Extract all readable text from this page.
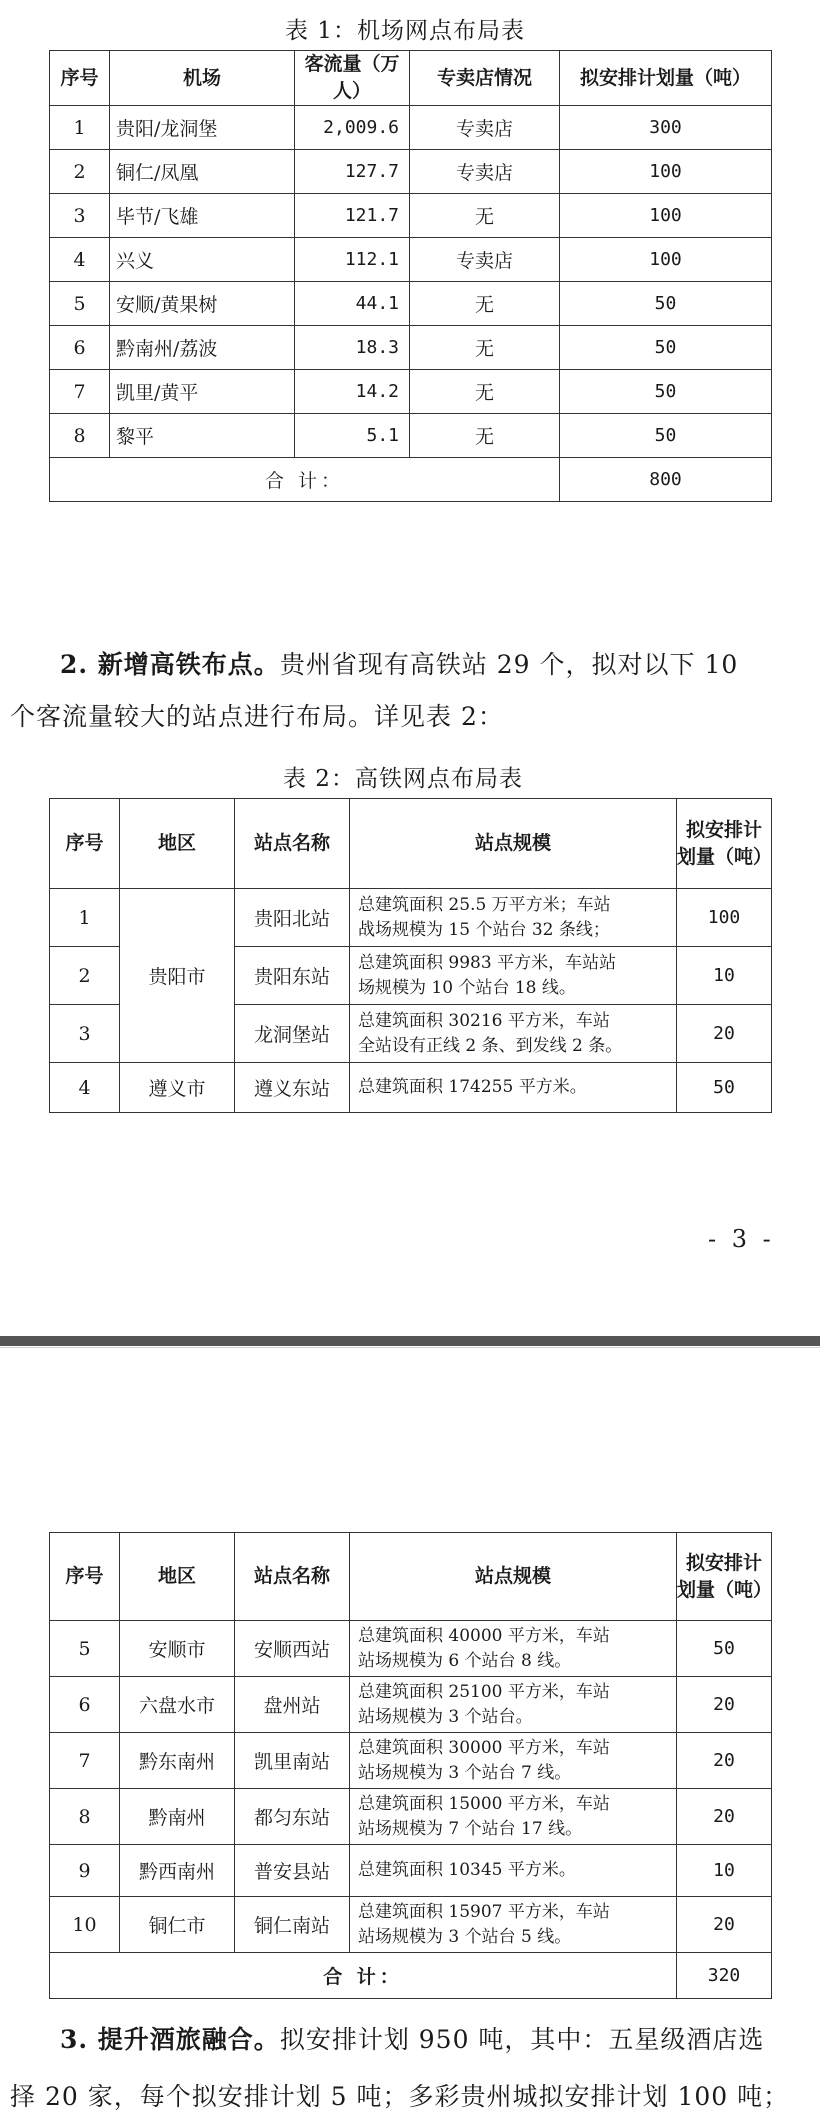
表 1：机场网点布局表
序号	机场	客流量（万人）	专卖店情况	拟安排计划量（吨）
1	贵阳/龙洞堡	2,009.6	专卖店	300
2	铜仁/凤凰	127.7	专卖店	100
3	毕节/飞雄	121.7	无	100
4	兴义	112.1	专卖店	100
5	安顺/黄果树	44.1	无	50
6	黔南州/荔波	18.3	无	50
7	凯里/黄平	14.2	无	50
8	黎平	5.1	无	50
合 计：				800
2. 新增高铁布点。贵州省现有高铁站 29 个，拟对以下 10
个客流量较大的站点进行布局。详见表 2：
表 2：高铁网点布局表
序号	地区	站点名称	站点规模	拟安排计划量（吨）
1	贵阳市	贵阳北站	总建筑面积 25.5 万平方米；车站
战场规模为 15 个站台 32 条线；	100
2		贵阳东站	总建筑面积 9983 平方米，车站站
场规模为 10 个站台 18 线。	10
3		龙洞堡站	总建筑面积 30216 平方米，车站
全站设有正线 2 条、到发线 2 条。	20
4	遵义市	遵义东站	总建筑面积 174255 平方米。	50
- 3 -
序号	地区	站点名称	站点规模	拟安排计划量（吨）
5	安顺市	安顺西站	总建筑面积 40000 平方米，车站
站场规模为 6 个站台 8 线。	50
6	六盘水市	盘州站	总建筑面积 25100 平方米，车站
站场规模为 3 个站台。	20
7	黔东南州	凯里南站	总建筑面积 30000 平方米，车站
站场规模为 3 个站台 7 线。	20
8	黔南州	都匀东站	总建筑面积 15000 平方米，车站
站场规模为 7 个站台 17 线。	20
9	黔西南州	普安县站	总建筑面积 10345 平方米。	10
10	铜仁市	铜仁南站	总建筑面积 15907 平方米，车站
站场规模为 3 个站台 5 线。	20
合 计：				320
3. 提升酒旅融合。拟安排计划 950 吨，其中：五星级酒店选
择 20 家，每个拟安排计划 5 吨；多彩贵州城拟安排计划 100 吨；
